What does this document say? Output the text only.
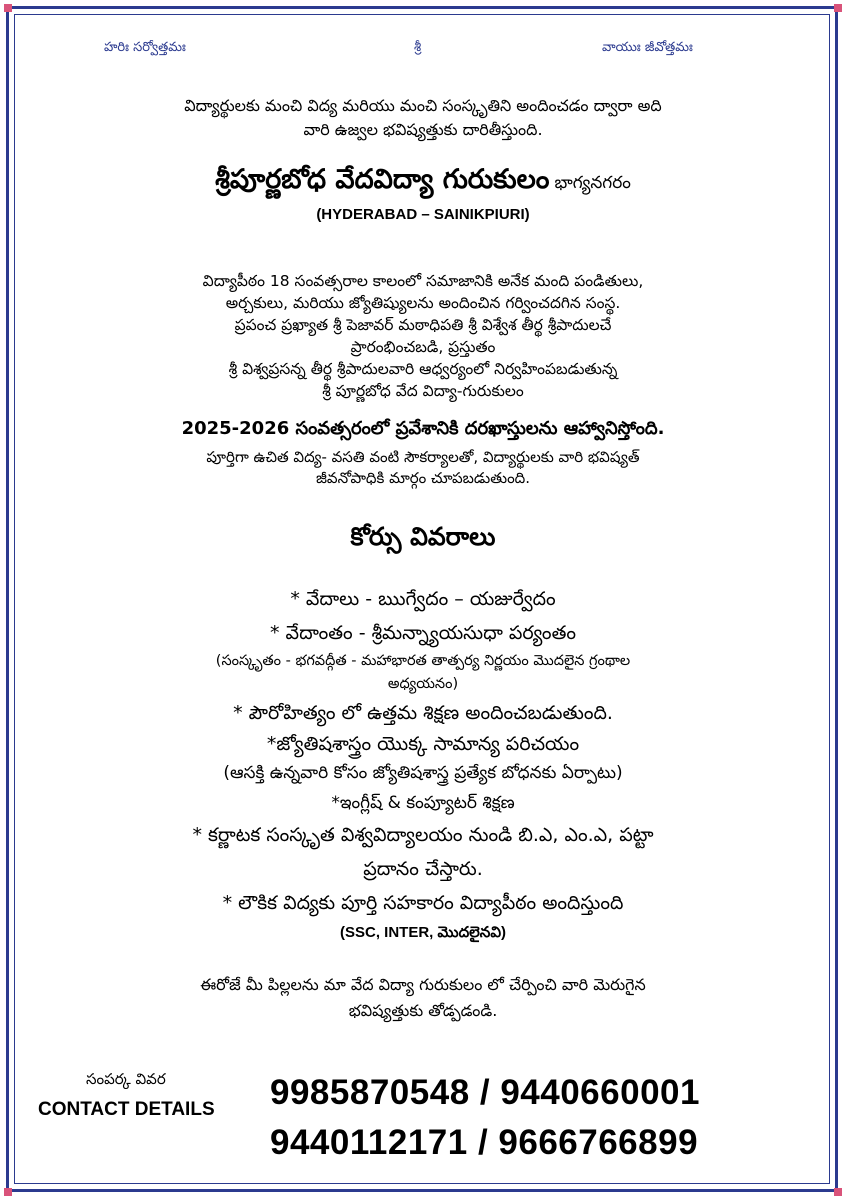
హరిః సర్వోత్తమః	శ్రీ	వాయుః జీవోత్తమః
విద్యార్థులకు మంచి విద్య మరియు మంచి సంస్కృతిని అందించడం ద్వారా అది
వారి ఉజ్వల భవిష్యత్తుకు దారితీస్తుంది.
శ్రీపూర్ణబోధ వేదవిద్యా గురుకులం భాగ్యనగరం
(HYDERABAD – SAINIKPIURI)
విద్యాపీఠం 18 సంవత్సరాల కాలంలో సమాజానికి అనేక మంది పండితులు,
అర్చకులు, మరియు జ్యోతిష్యులను అందించిన గర్వించదగిన సంస్థ.
ప్రపంచ ప్రఖ్యాత శ్రీ పెజావర్ మఠాధిపతి శ్రీ విశ్వేశ తీర్థ శ్రీపాదులచే
ప్రారంభించబడి, ప్రస్తుతం
శ్రీ విశ్వప్రసన్న తీర్థ శ్రీపాదులవారి ఆధ్వర్యంలో నిర్వహింపబడుతున్న
శ్రీ పూర్ణబోధ వేద విద్యా-గురుకులం
2025-2026 సంవత్సరంలో ప్రవేశానికి దరఖాస్తులను ఆహ్వానిస్తోంది.
పూర్తిగా ఉచిత విద్య- వసతి వంటి సౌకర్యాలతో, విద్యార్థులకు వారి భవిష్యత్
జీవనోపాధికి మార్గం చూపబడుతుంది.
కోర్సు వివరాలు
* వేదాలు - ఋగ్వేదం – యజుర్వేదం
* వేదాంతం - శ్రీమన్న్యాయసుధా పర్యంతం
(సంస్కృతం - భగవద్గీత - మహాభారత తాత్పర్య నిర్ణయం మొదలైన గ్రంథాల
అధ్యయనం)
* పౌరోహిత్యం లో ఉత్తమ శిక్షణ అందించబడుతుంది.
*జ్యోతిషశాస్త్రం యొక్క సామాన్య పరిచయం
(ఆసక్తి ఉన్నవారి కోసం జ్యోతిషశాస్త్ర ప్రత్యేక బోధనకు ఏర్పాటు)
*ఇంగ్లీష్ & కంప్యూటర్ శిక్షణ
* కర్ణాటక సంస్కృత విశ్వవిద్యాలయం నుండి బి.ఎ, ఎం.ఎ, పట్టా
ప్రదానం చేస్తారు.
* లౌకిక విద్యకు పూర్తి సహకారం విద్యాపీఠం అందిస్తుంది
(SSC, INTER, మొదలైనవి)
ఈరోజే మీ పిల్లలను మా వేద విద్యా గురుకులం లో చేర్పించి వారి మెరుగైన
భవిష్యత్తుకు తోడ్పడండి.
సంపర్క వివర
CONTACT DETAILS 9985870548 / 9440660001
9440112171 / 9666766899
